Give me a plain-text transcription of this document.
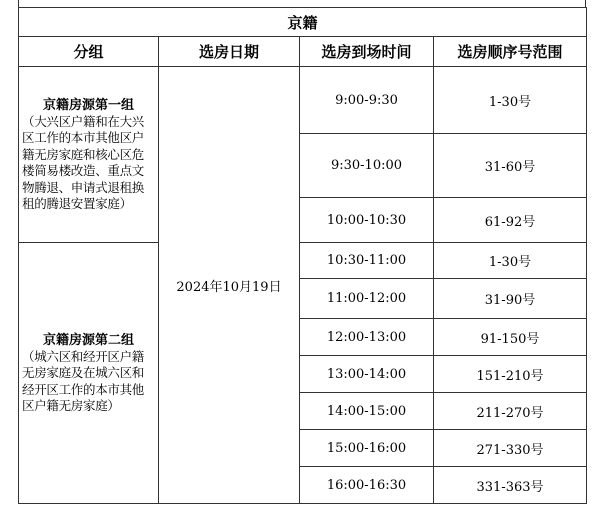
京籍			
分组	选房日期	选房到场时间	选房顺序号范围

京籍房源第一组
（大兴区户籍和在大兴区工作的本市其他区户籍无房家庭和核心区危楼简易楼改造、重点文物腾退、申请式退租换租的腾退安置家庭）	2024年10月19日	9:00-9:30	1-30号
		9:30-10:00	31-60号
		10:00-10:30	61-92号

京籍房源第二组
（城六区和经开区户籍无房家庭及在城六区和经开区工作的本市其他区户籍无房家庭）		10:30-11:00	1-30号
		11:00-12:00	31-90号
		12:00-13:00	91-150号
		13:00-14:00	151-210号
		14:00-15:00	211-270号
		15:00-16:00	271-330号
		16:00-16:30	331-363号
